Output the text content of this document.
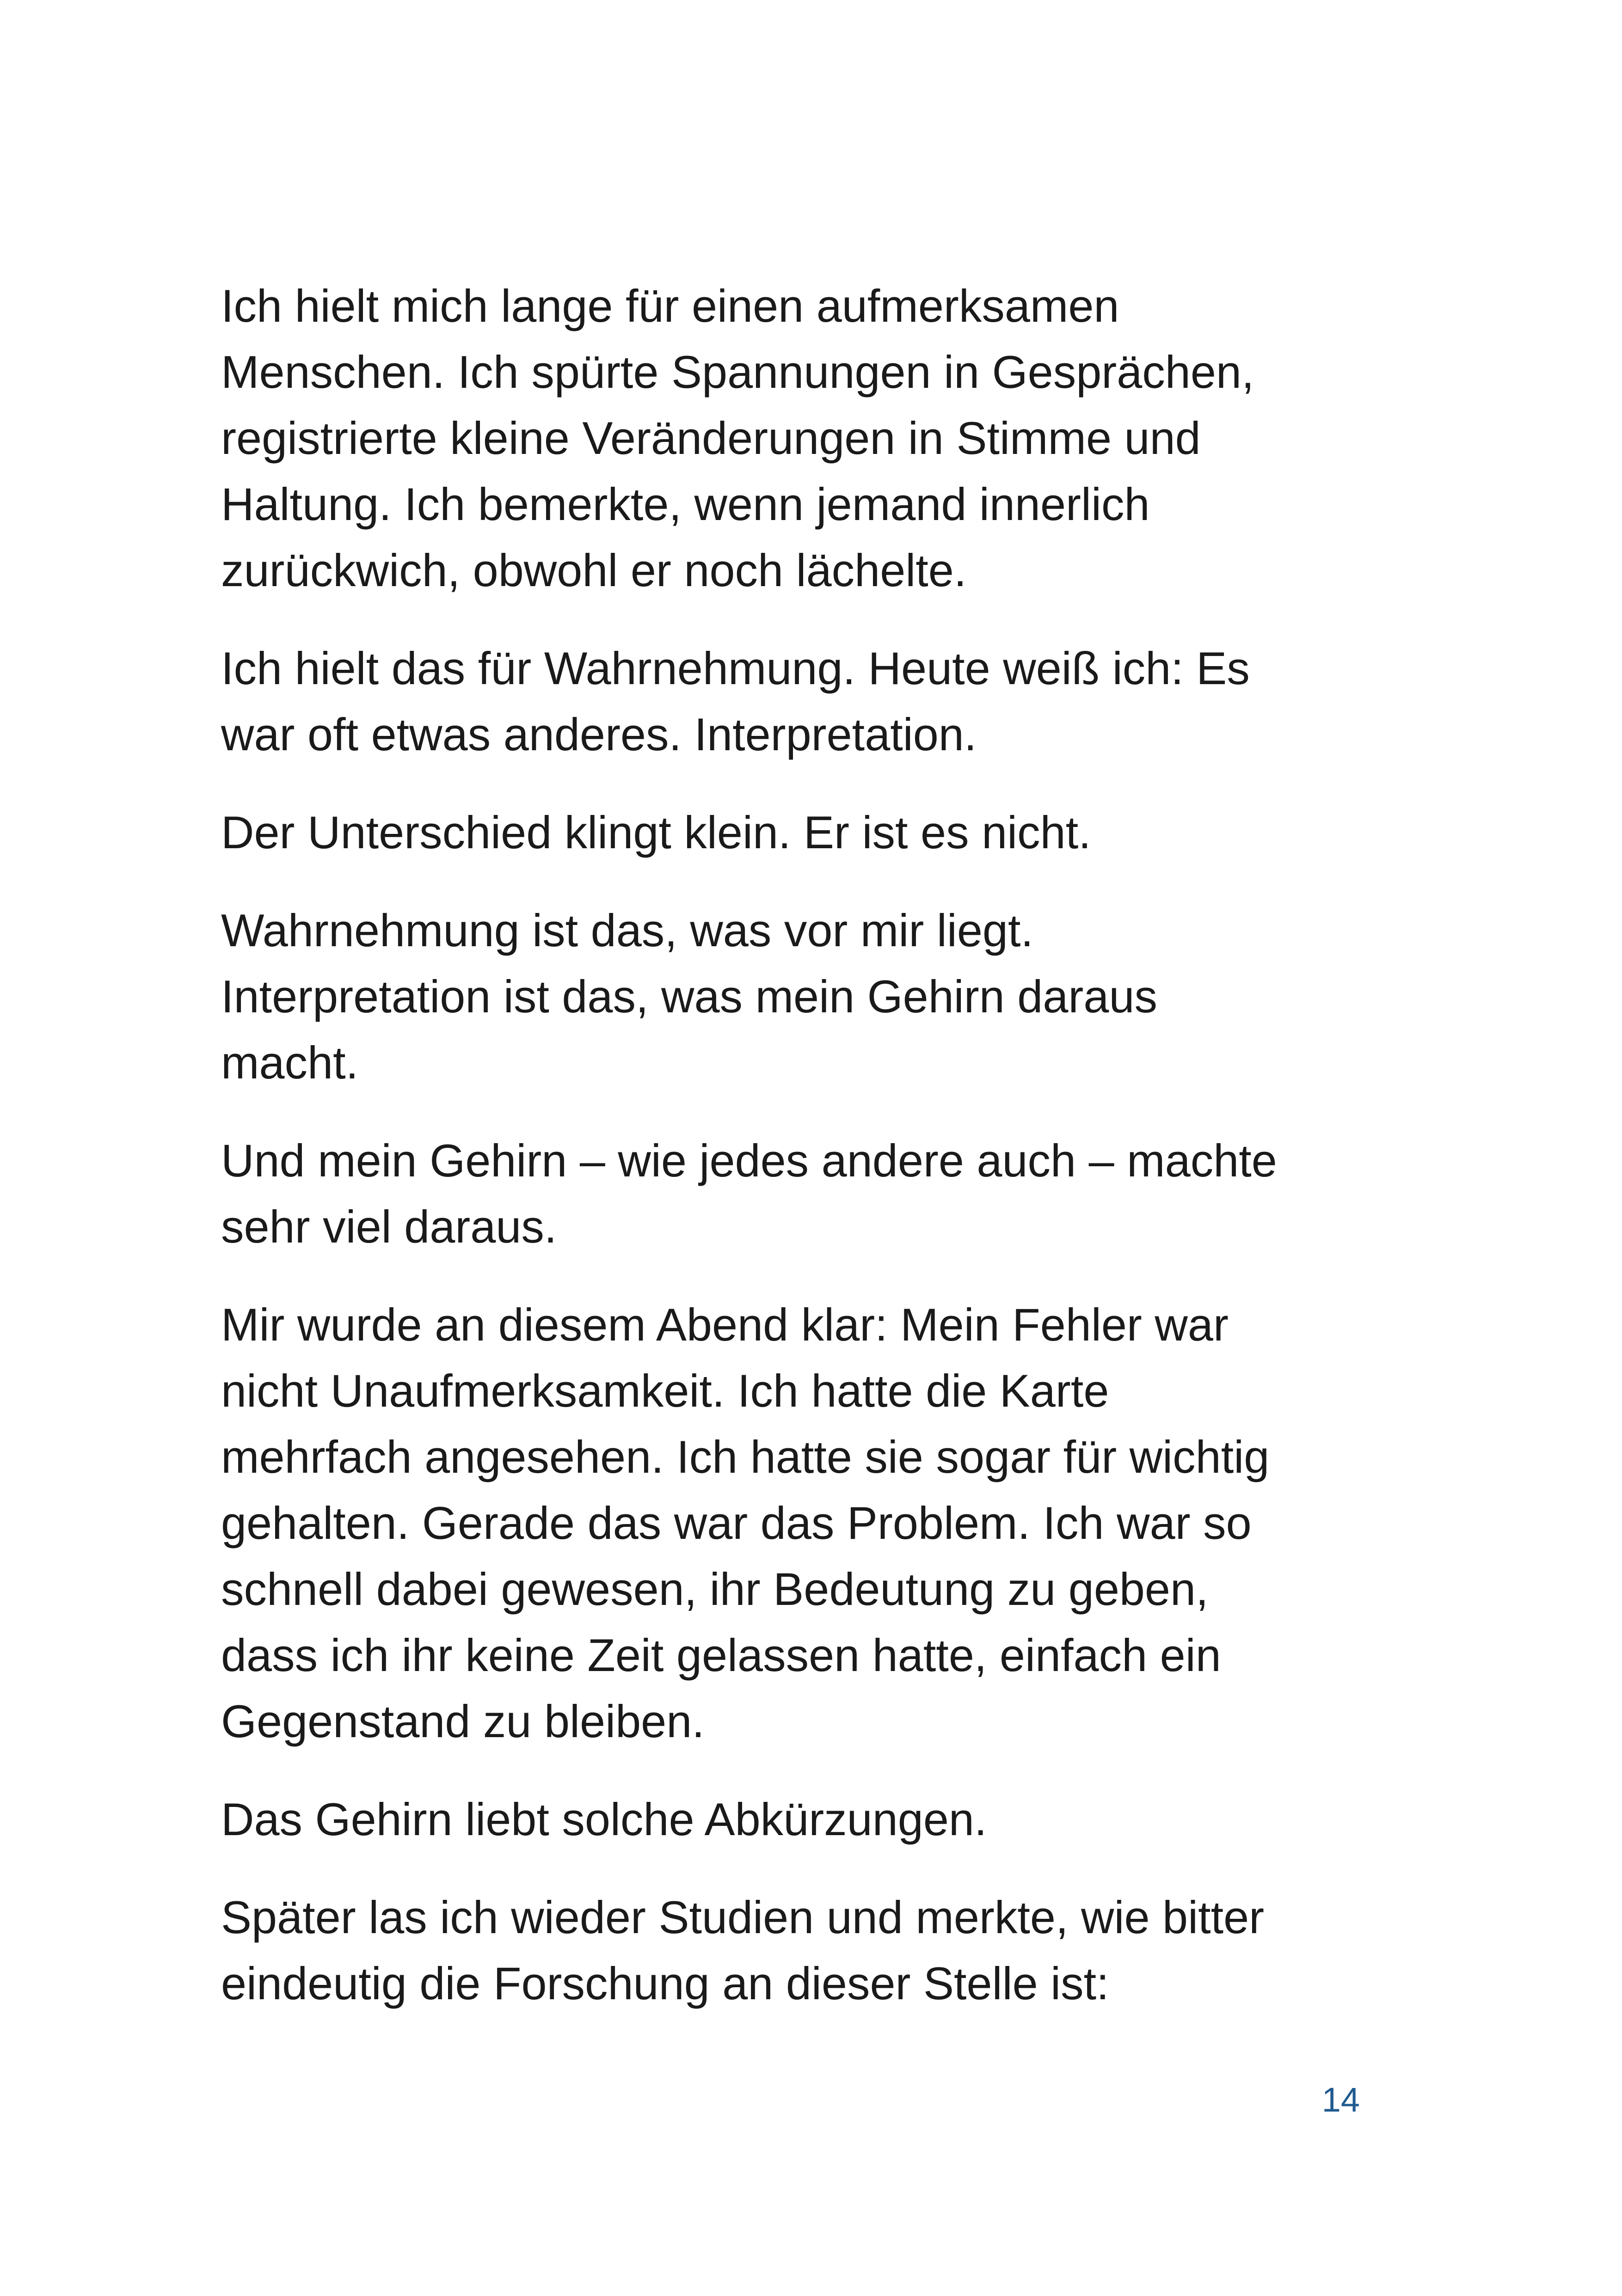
Ich hielt mich lange für einen aufmerksamen
Menschen. Ich spürte Spannungen in Gesprächen,
registrierte kleine Veränderungen in Stimme und
Haltung. Ich bemerkte, wenn jemand innerlich
zurückwich, obwohl er noch lächelte.

Ich hielt das für Wahrnehmung. Heute weiß ich: Es
war oft etwas anderes. Interpretation.

Der Unterschied klingt klein. Er ist es nicht.

Wahrnehmung ist das, was vor mir liegt.
Interpretation ist das, was mein Gehirn daraus
macht.

Und mein Gehirn – wie jedes andere auch – machte
sehr viel daraus.

Mir wurde an diesem Abend klar: Mein Fehler war
nicht Unaufmerksamkeit. Ich hatte die Karte
mehrfach angesehen. Ich hatte sie sogar für wichtig
gehalten. Gerade das war das Problem. Ich war so
schnell dabei gewesen, ihr Bedeutung zu geben,
dass ich ihr keine Zeit gelassen hatte, einfach ein
Gegenstand zu bleiben.

Das Gehirn liebt solche Abkürzungen.

Später las ich wieder Studien und merkte, wie bitter
eindeutig die Forschung an dieser Stelle ist:

14
